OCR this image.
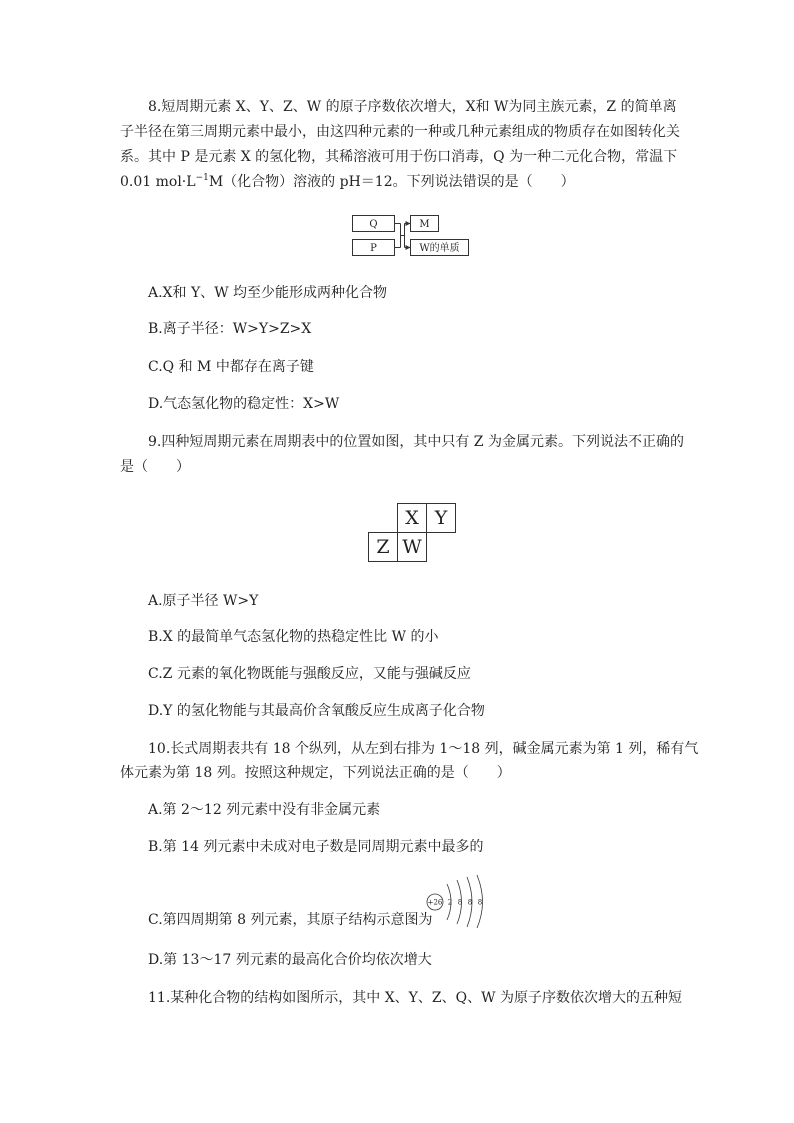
8.短周期元素 X、Y、Z、W 的原子序数依次增大，X和 W为同主族元素，Z 的简单离
子半径在第三周期元素中最小，由这四种元素的一种或几种元素组成的物质存在如图转化关
系。其中 P 是元素 X 的氢化物，其稀溶液可用于伤口消毒，Q 为一种二元化合物，常温下
0.01 $mol\cdot L^{-1}M$（化合物）溶液的 pH＝12。下列说法错误的是（　　）
Q
P
M
W的单质
A.X和 Y、W 均至少能形成两种化合物
B.离子半径：W>Y>Z>X
C.Q 和 M 中都存在离子键
D.气态氢化物的稳定性：X>W
9.四种短周期元素在周期表中的位置如图，其中只有 Z 为金属元素。下列说法不正确的
是（　　）
X Y
Z W
A.原子半径 W>Y
B.X 的最简单气态氢化物的热稳定性比 W 的小
C.Z 元素的氧化物既能与强酸反应，又能与强碱反应
D.Y 的氢化物能与其最高价含氧酸反应生成离子化合物
10.长式周期表共有 18 个纵列，从左到右排为 1～18 列，碱金属元素为第 1 列，稀有气
体元素为第 18 列。按照这种规定，下列说法正确的是（　　）
A.第 2～12 列元素中没有非金属元素
B.第 14 列元素中未成对电子数是同周期元素中最多的
C.第四周期第 8 列元素，其原子结构示意图为
+26 2 8 8 8
D.第 13～17 列元素的最高化合价均依次增大
11.某种化合物的结构如图所示，其中 X、Y、Z、Q、W 为原子序数依次增大的五种短
